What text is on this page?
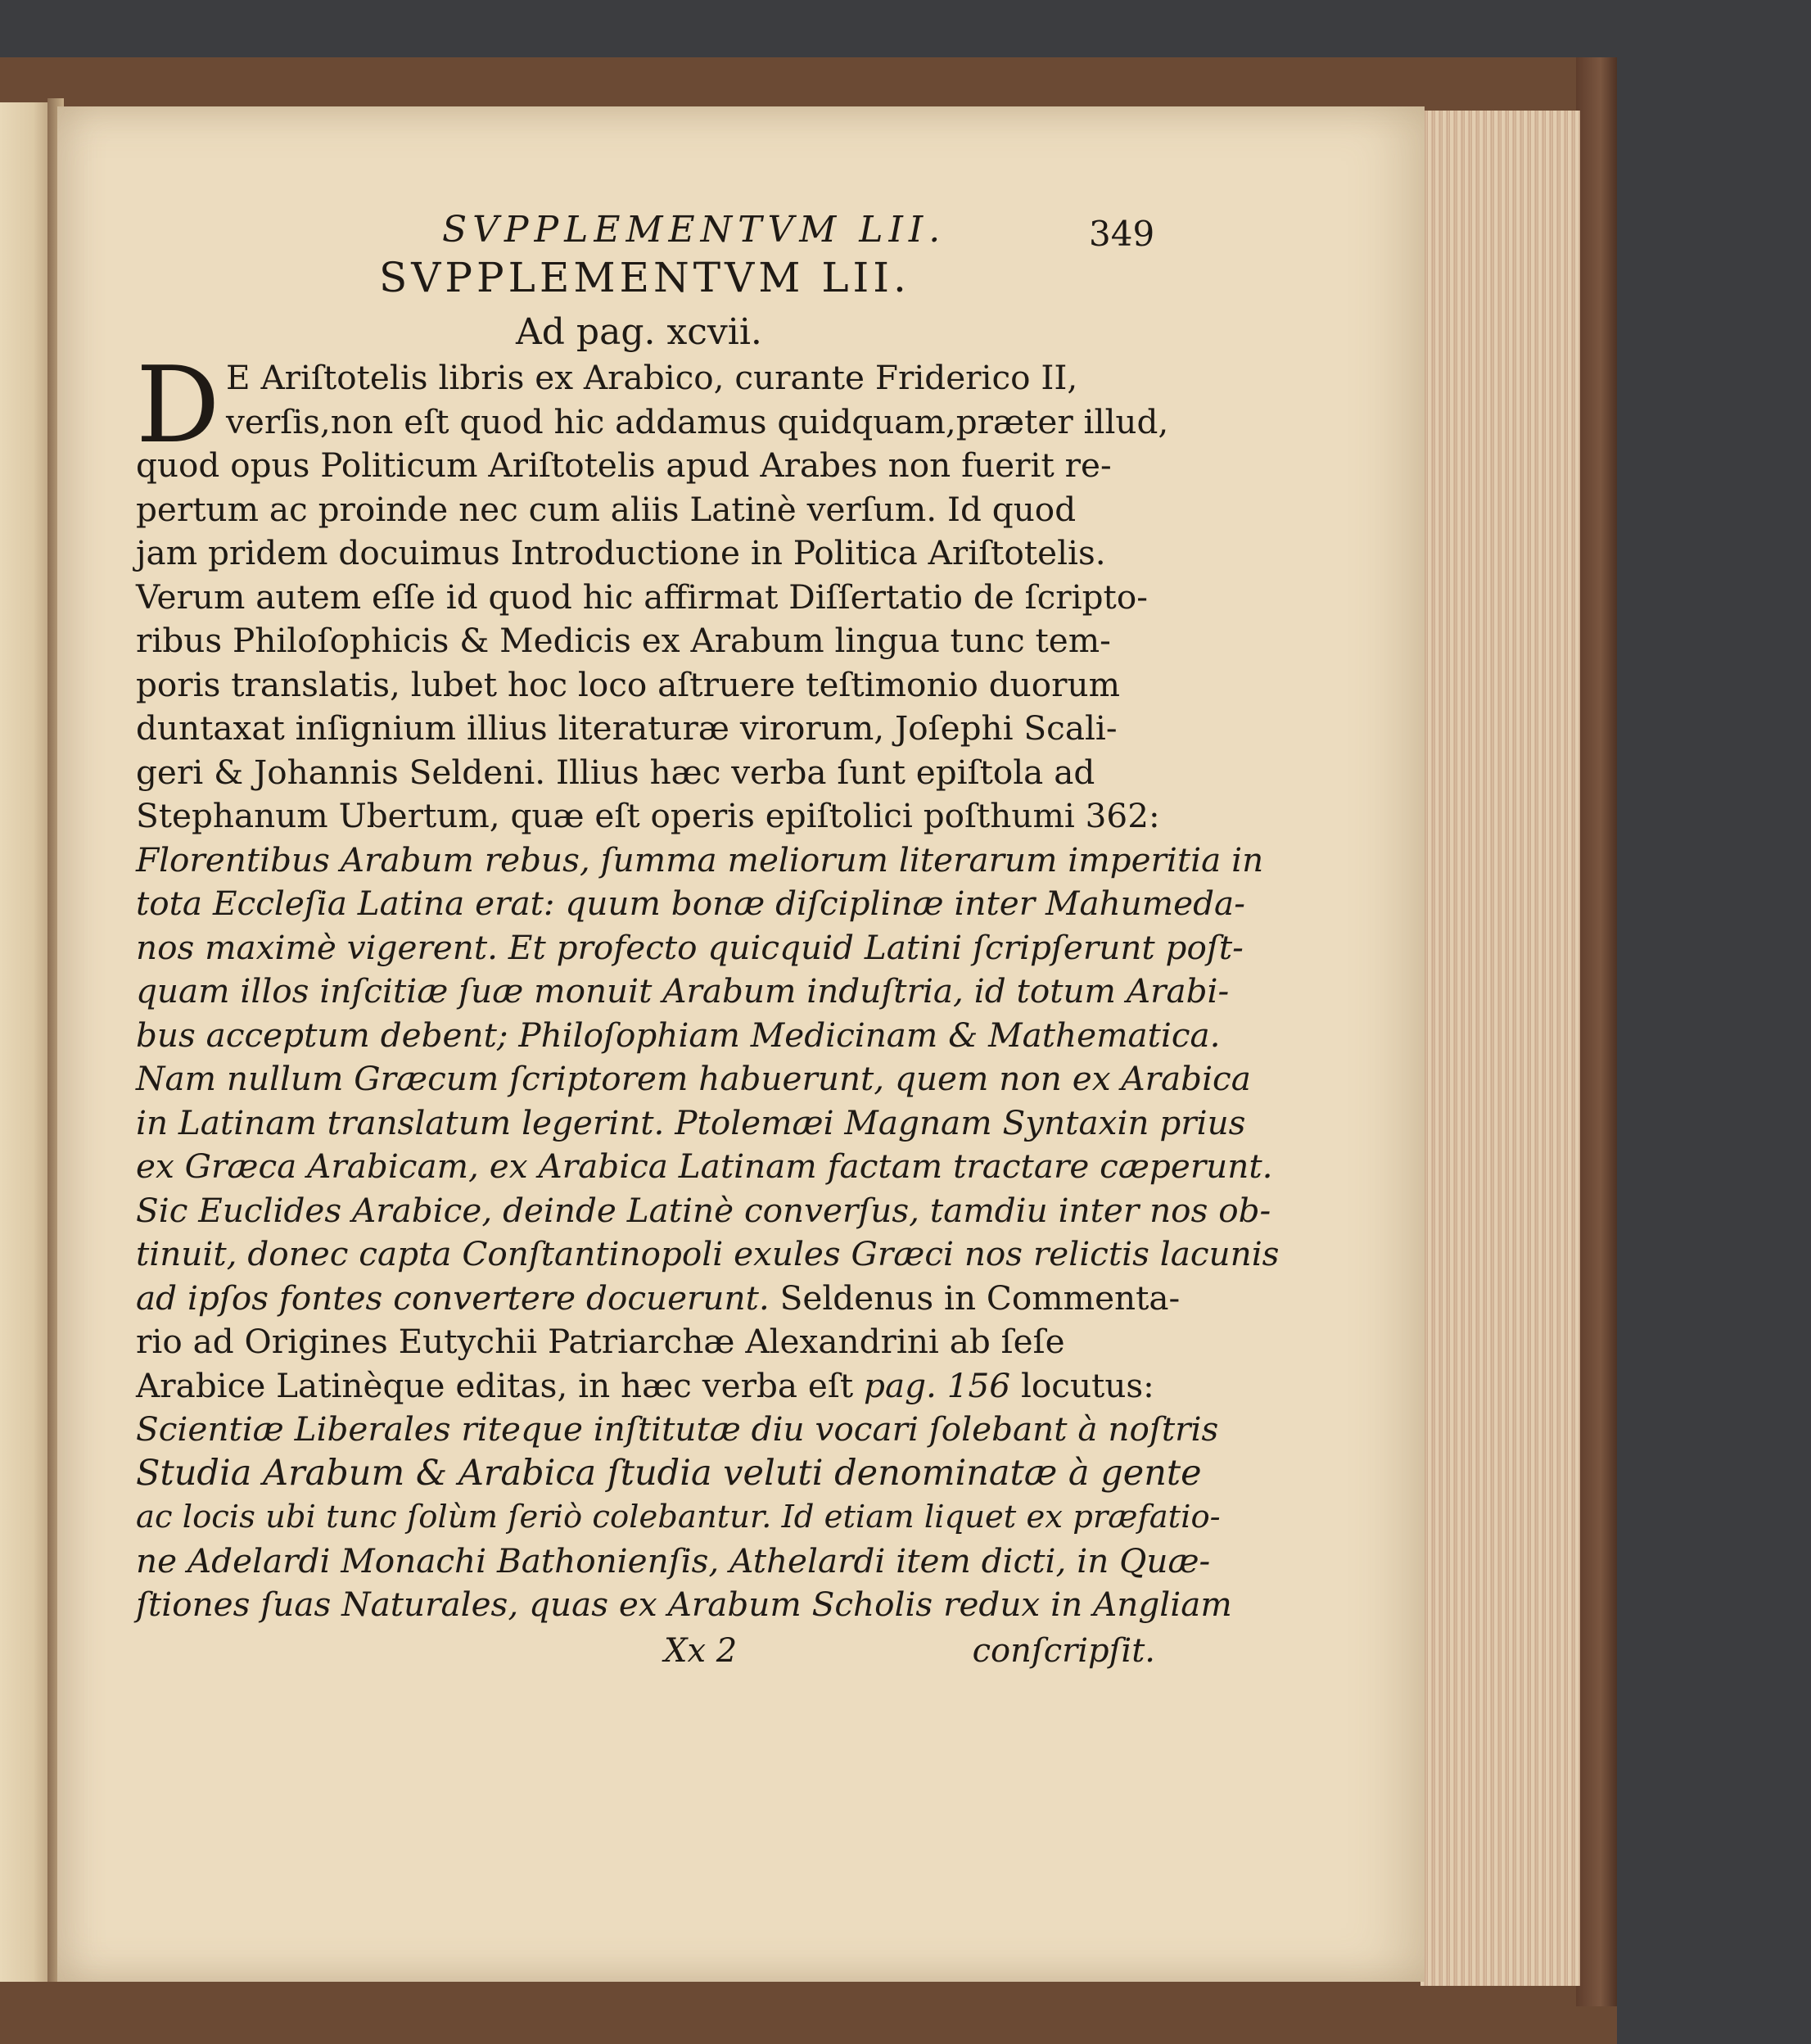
SVPPLEMENTVM LII.	349
SVPPLEMENTVM LII.
Ad pag. xcvii.
D E Ariſtotelis libris ex Arabico, curante Friderico II,
verſis,non eſt quod hic addamus quidquam,præter illud,
quod opus Politicum Ariſtotelis apud Arabes non fuerit re-
pertum ac proinde nec cum aliis Latinè verſum. Id quod
jam pridem docuimus Introductione in Politica Ariſtotelis.
Verum autem eſſe id quod hic affirmat Diſſertatio de ſcripto-
ribus Philoſophicis & Medicis ex Arabum lingua tunc tem-
poris translatis, lubet hoc loco aſtruere teſtimonio duorum
duntaxat inſignium illius literaturæ virorum, Joſephi Scali-
geri & Johannis Seldeni. Illius hæc verba ſunt epiſtola ad
Stephanum Ubertum, quæ eſt operis epiſtolici poſthumi 362:
Florentibus Arabum rebus, ſumma meliorum literarum imperitia in
tota Eccleſia Latina erat: quum bonæ diſciplinæ inter Mahumeda-
nos maximè vigerent. Et profecto quicquid Latini ſcripſerunt poſt-
quam illos inſcitiæ ſuæ monuit Arabum induſtria, id totum Arabi-
bus acceptum debent; Philoſophiam Medicinam & Mathematica.
Nam nullum Græcum ſcriptorem habuerunt, quem non ex Arabica
in Latinam translatum legerint. Ptolemæi Magnam Syntaxin prius
ex Græca Arabicam, ex Arabica Latinam factam tractare cæperunt.
Sic Euclides Arabice, deinde Latinè converſus, tamdiu inter nos ob-
tinuit, donec capta Conſtantinopoli exules Græci nos relictis lacunis
ad ipſos fontes convertere docuerunt. Seldenus in Commenta-
rio ad Origines Eutychii Patriarchæ Alexandrini ab ſeſe
Arabice Latinèque editas, in hæc verba eſt pag. 156 locutus:
Scientiæ Liberales riteque inſtitutæ diu vocari ſolebant à noſtris
Studia Arabum & Arabica ſtudia veluti denominatæ à gente
ac locis ubi tunc ſolùm ſeriò colebantur. Id etiam liquet ex præfatio-
ne Adelardi Monachi Bathonienſis, Athelardi item dicti, in Quæ-
ſtiones ſuas Naturales, quas ex Arabum Scholis redux in Angliam
Xx 2	conſcripſit.
